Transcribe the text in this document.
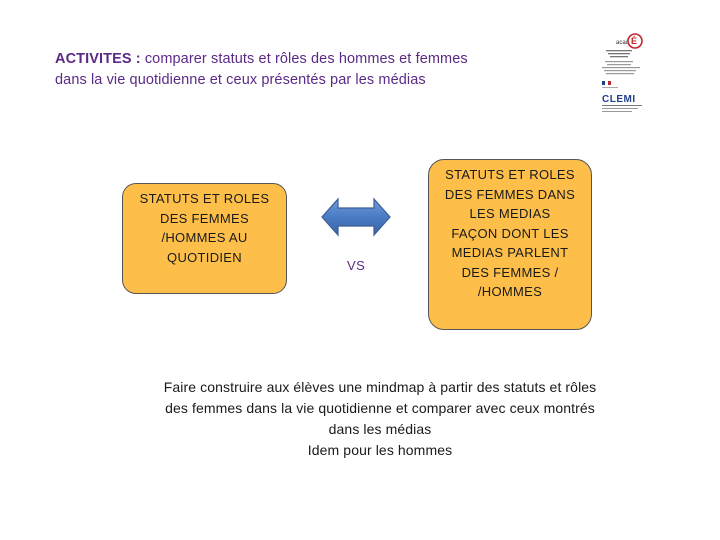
ACTIVITES : comparer statuts et rôles des hommes et femmes
dans la vie quotidienne et ceux présentés par les médias
acad É
CLEMI
STATUTS ET ROLES
DES FEMMES
/HOMMES AU
QUOTIDIEN
VS
STATUTS ET ROLES
DES FEMMES DANS
LES MEDIAS
FAÇON DONT LES
MEDIAS PARLENT
DES FEMMES /
/HOMMES
Faire construire aux élèves une mindmap à partir des statuts et rôles
des femmes dans la vie quotidienne et comparer avec ceux montrés
dans les médias
Idem pour les hommes
